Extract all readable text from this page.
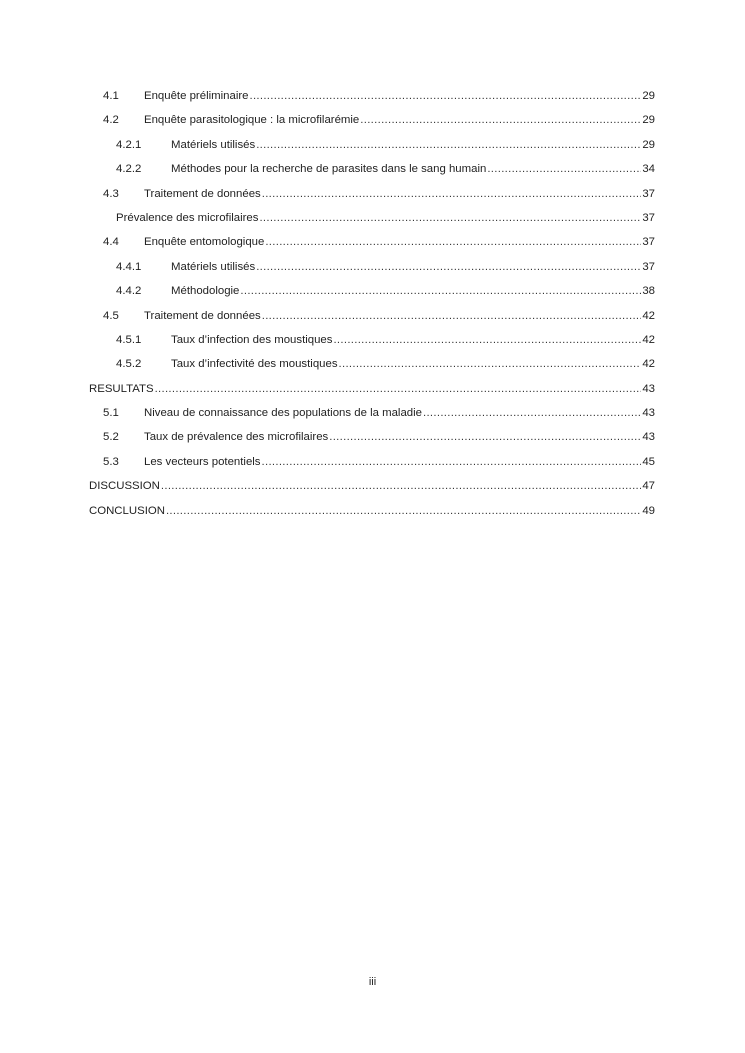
4.1	Enquête préliminaire .....	29
4.2	Enquête parasitologique : la microfilarémie .....	29
4.2.1	Matériels utilisés .....	29
4.2.2	Méthodes pour la recherche de parasites dans le sang humain .....	34
4.3	Traitement de données .....	37
Prévalence des microfilaires .....	37
4.4	Enquête entomologique .....	37
4.4.1	Matériels utilisés .....	37
4.4.2	Méthodologie .....	38
4.5	Traitement de données .....	42
4.5.1	Taux d’infection des moustiques .....	42
4.5.2	Taux d’infectivité des moustiques .....	42
RESULTATS .....	43
5.1	Niveau de connaissance des populations de la maladie .....	43
5.2	Taux de prévalence des microfilaires .....	43
5.3	Les vecteurs potentiels .....	45
DISCUSSION .....	47
CONCLUSION .....	49
iii
